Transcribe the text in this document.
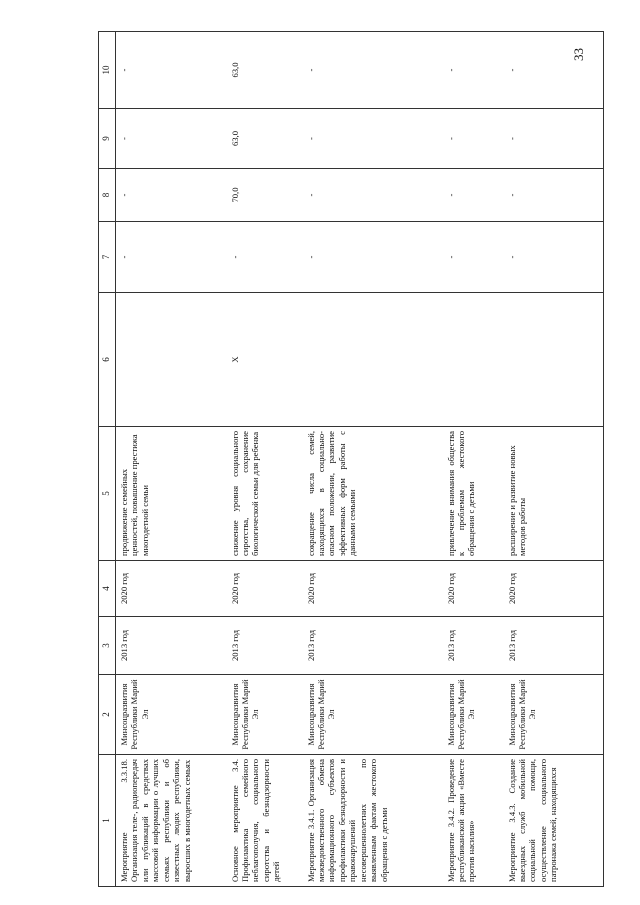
33
1	2	3	4	5	6	7	8	9	10
Мероприятие 3.3.18. Организация теле-, радиопередач или публикаций в средствах массовой информации о лучших семьях республики и об известных людях республики, выросших в многодетных семьях	Минсоцразвития Республики Марий Эл	2013 год	2020 год	продвижение семейных ценностей, повышение престижа многодетной семьи		-	-	-	-
Основное мероприятие 3.4. Профилактика семейного неблагополучия, социального сиротства и безнадзорности детей	Минсоцразвития Республики Марий Эл	2013 год	2020 год	снижение уровня социального сиротства, сохранение биологической семьи для ребенка	Х	-	70,0	63,0	63,0
Мероприятие 3.4.1. Организация межведомственного обмена информационного субъектов профилактики безнадзорности и правонарушений несовершеннолетних по выявленным фактам жестокого обращения с детьми	Минсоцразвития Республики Марий Эл	2013 год	2020 год	сокращение числа семей, находящихся в социально-опасном положении, развитие эффективных форм работы с данными семьями		-	-	-	-
Мероприятие 3.4.2. Проведение республиканской акции «Вместе против насилия»	Минсоцразвития Республики Марий Эл	2013 год	2020 год	привлечение внимания общества к проблемам жестокого обращения с детьми		-	-	-	-
Мероприятие 3.4.3. Создание выездных служб мобильной социальной помощи, осуществление социального патронажа семей, находящихся	Минсоцразвития Республики Марий Эл	2013 год	2020 год	расширение и развитие новых методов работы		-	-	-	-
